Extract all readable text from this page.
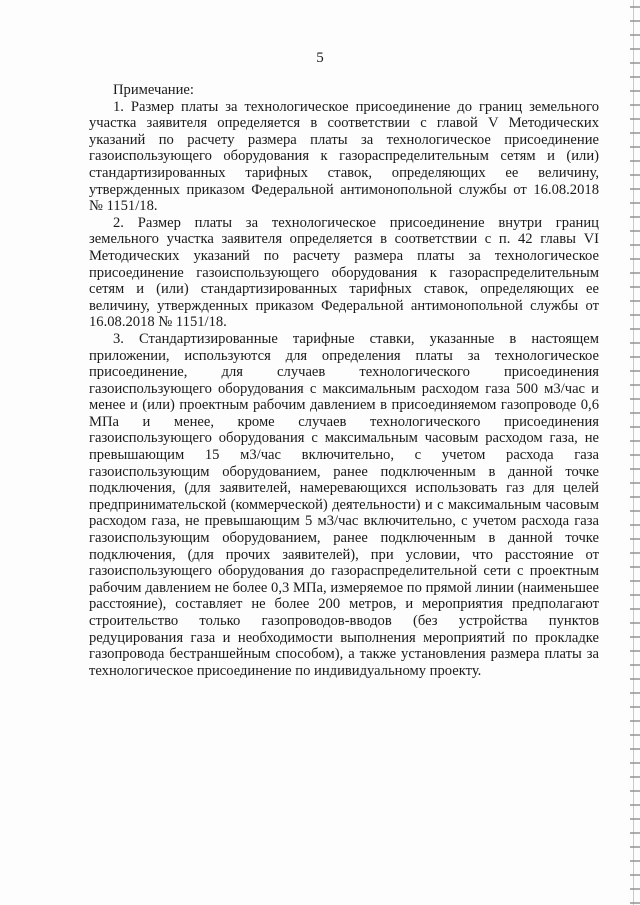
5

Примечание:

1. Размер платы за технологическое присоединение до границ земельного участка заявителя определяется в соответствии с главой V Методических указаний по расчету размера платы за технологическое присоединение газоиспользующего оборудования к газораспределительным сетям и (или) стандартизированных тарифных ставок, определяющих ее величину, утвержденных приказом Федеральной антимонопольной службы от 16.08.2018 № 1151/18.

2. Размер платы за технологическое присоединение внутри границ земельного участка заявителя определяется в соответствии с п. 42 главы VI Методических указаний по расчету размера платы за технологическое присоединение газоиспользующего оборудования к газораспределительным сетям и (или) стандартизированных тарифных ставок, определяющих ее величину, утвержденных приказом Федеральной антимонопольной службы от 16.08.2018 № 1151/18.

3. Стандартизированные тарифные ставки, указанные в настоящем приложении, используются для определения платы за технологическое присоединение, для случаев технологического присоединения газоиспользующего оборудования с максимальным расходом газа 500 м3/час и менее и (или) проектным рабочим давлением в присоединяемом газопроводе 0,6 МПа и менее, кроме случаев технологического присоединения газоиспользующего оборудования с максимальным часовым расходом газа, не превышающим 15 м3/час включительно, с учетом расхода газа газоиспользующим оборудованием, ранее подключенным в данной точке подключения, (для заявителей, намеревающихся использовать газ для целей предпринимательской (коммерческой) деятельности) и с максимальным часовым расходом газа, не превышающим 5 м3/час включительно, с учетом расхода газа газоиспользующим оборудованием, ранее подключенным в данной точке подключения, (для прочих заявителей), при условии, что расстояние от газоиспользующего оборудования до газораспределительной сети с проектным рабочим давлением не более 0,3 МПа, измеряемое по прямой линии (наименьшее расстояние), составляет не более 200 метров, и мероприятия предполагают строительство только газопроводов-вводов (без устройства пунктов редуцирования газа и необходимости выполнения мероприятий по прокладке газопровода бестраншейным способом), а также установления размера платы за технологическое присоединение по индивидуальному проекту.
